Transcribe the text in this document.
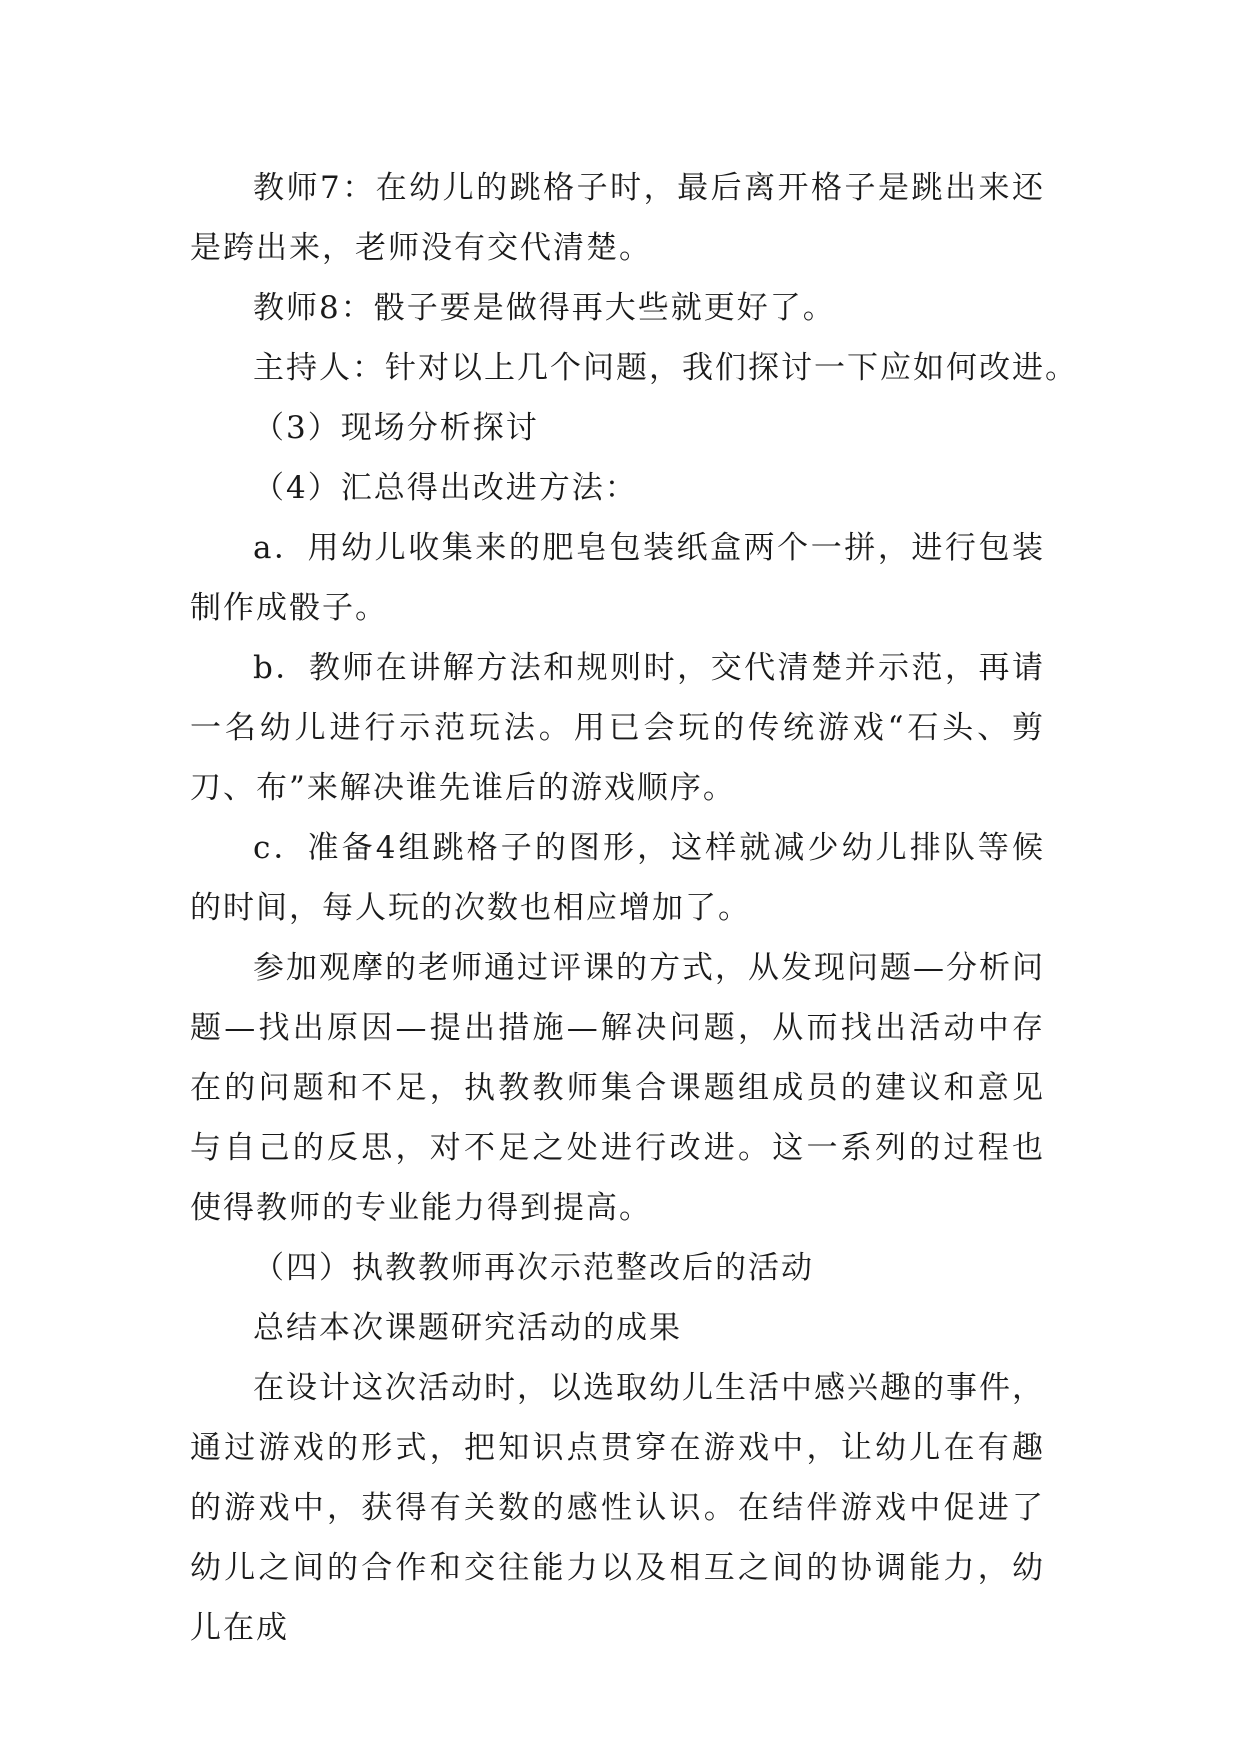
教师7：在幼儿的跳格子时，最后离开格子是跳出来还是跨出来，老师没有交代清楚。

教师8：骰子要是做得再大些就更好了。

主持人：针对以上几个问题，我们探讨一下应如何改进。

（3）现场分析探讨

（4）汇总得出改进方法：

a．用幼儿收集来的肥皂包装纸盒两个一拼，进行包装制作成骰子。

b．教师在讲解方法和规则时，交代清楚并示范，再请一名幼儿进行示范玩法。用已会玩的传统游戏“石头、剪刀、布”来解决谁先谁后的游戏顺序。

c．准备4组跳格子的图形，这样就减少幼儿排队等候的时间，每人玩的次数也相应增加了。

参加观摩的老师通过评课的方式，从发现问题—分析问题—找出原因—提出措施—解决问题，从而找出活动中存在的问题和不足，执教教师集合课题组成员的建议和意见与自己的反思，对不足之处进行改进。这一系列的过程也使得教师的专业能力得到提高。

（四）执教教师再次示范整改后的活动

总结本次课题研究活动的成果

在设计这次活动时，以选取幼儿生活中感兴趣的事件，通过游戏的形式，把知识点贯穿在游戏中，让幼儿在有趣的游戏中，获得有关数的感性认识。在结伴游戏中促进了幼儿之间的合作和交往能力以及相互之间的协调能力，幼儿在成
